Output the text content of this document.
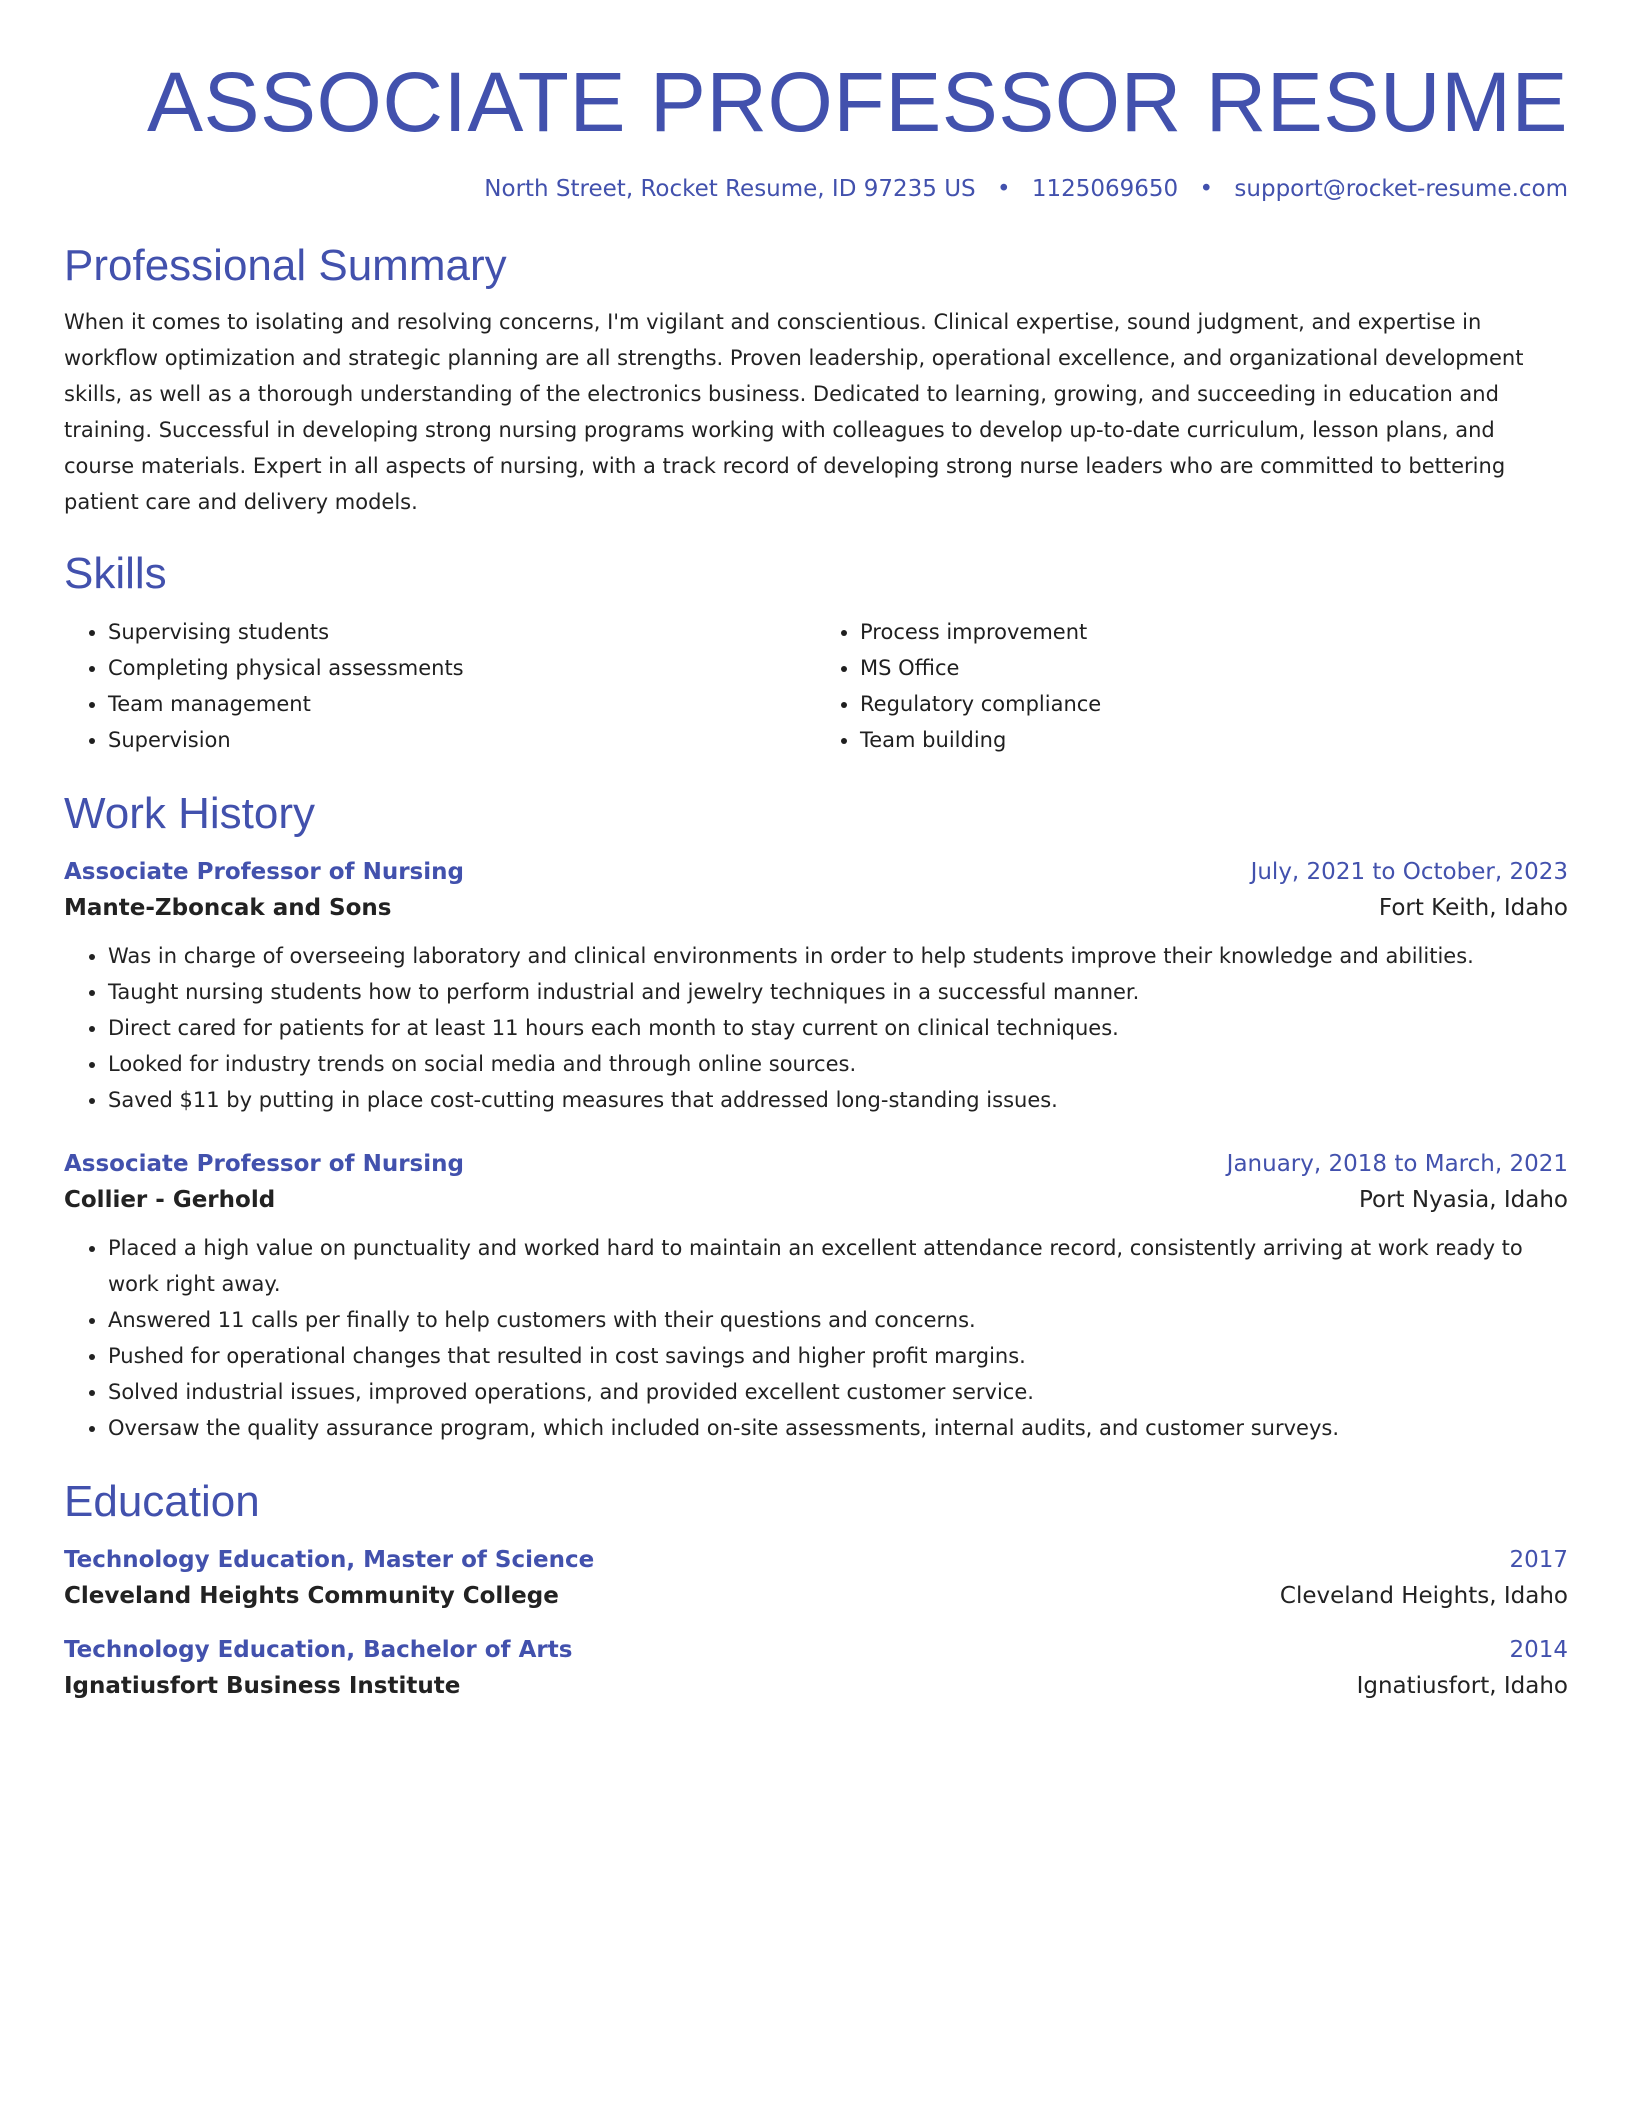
ASSOCIATE PROFESSOR RESUME
North Street, Rocket Resume, ID 97235 US • 1125069650 • support@rocket-resume.com
Professional Summary
When it comes to isolating and resolving concerns, I'm vigilant and conscientious. Clinical expertise, sound judgment, and expertise in workflow optimization and strategic planning are all strengths. Proven leadership, operational excellence, and organizational development skills, as well as a thorough understanding of the electronics business. Dedicated to learning, growing, and succeeding in education and training. Successful in developing strong nursing programs working with colleagues to develop up-to-date curriculum, lesson plans, and course materials. Expert in all aspects of nursing, with a track record of developing strong nurse leaders who are committed to bettering patient care and delivery models.
Skills
• Supervising students
• Completing physical assessments
• Team management
• Supervision
• Process improvement
• MS Office
• Regulatory compliance
• Team building
Work History
Associate Professor of Nursing	July, 2021 to October, 2023
Mante-Zboncak and Sons	Fort Keith, Idaho
• Was in charge of overseeing laboratory and clinical environments in order to help students improve their knowledge and abilities.
• Taught nursing students how to perform industrial and jewelry techniques in a successful manner.
• Direct cared for patients for at least 11 hours each month to stay current on clinical techniques.
• Looked for industry trends on social media and through online sources.
• Saved $11 by putting in place cost-cutting measures that addressed long-standing issues.
Associate Professor of Nursing	January, 2018 to March, 2021
Collier - Gerhold	Port Nyasia, Idaho
• Placed a high value on punctuality and worked hard to maintain an excellent attendance record, consistently arriving at work ready to work right away.
• Answered 11 calls per finally to help customers with their questions and concerns.
• Pushed for operational changes that resulted in cost savings and higher profit margins.
• Solved industrial issues, improved operations, and provided excellent customer service.
• Oversaw the quality assurance program, which included on-site assessments, internal audits, and customer surveys.
Education
Technology Education, Master of Science	2017
Cleveland Heights Community College	Cleveland Heights, Idaho
Technology Education, Bachelor of Arts	2014
Ignatiusfort Business Institute	Ignatiusfort, Idaho
